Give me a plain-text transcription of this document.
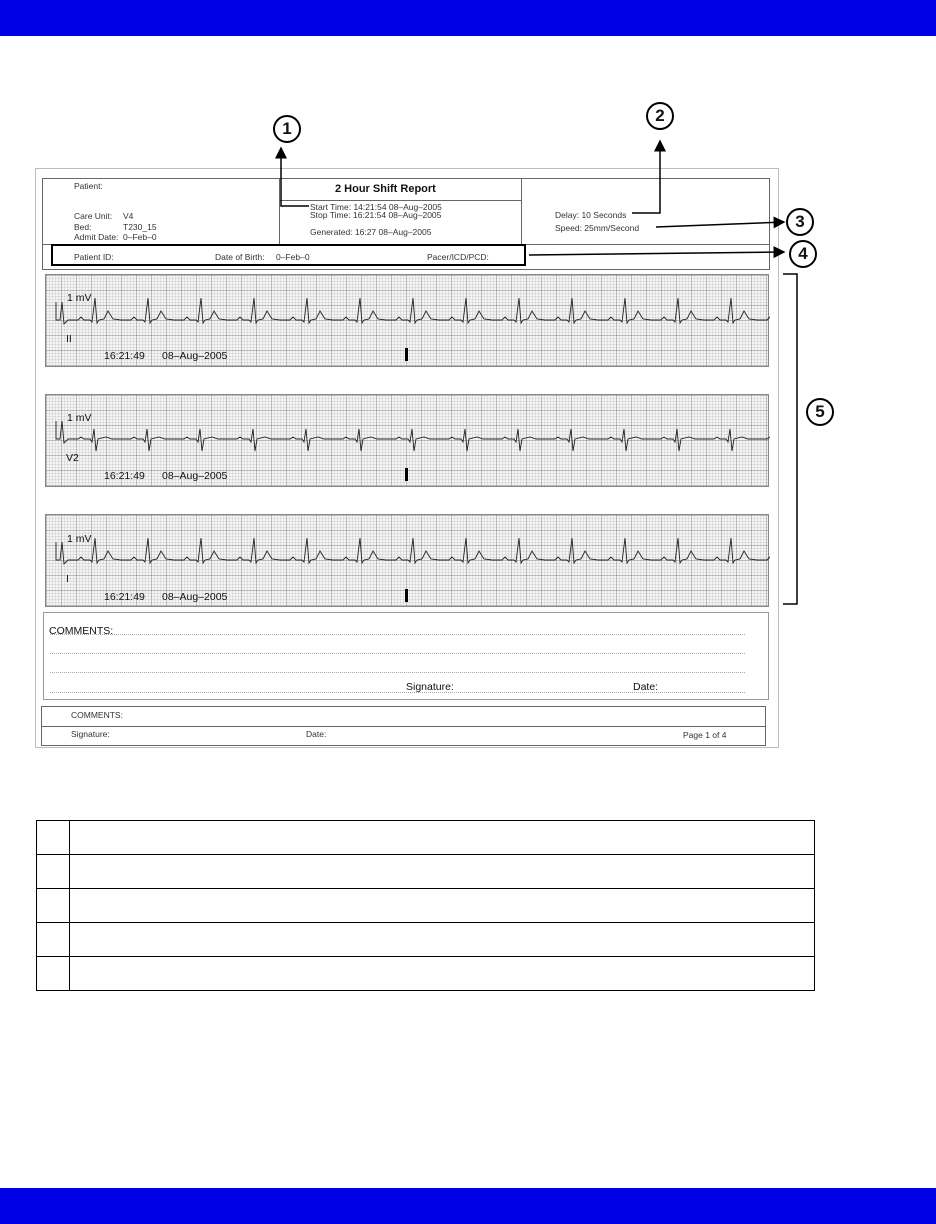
Patient:
Care Unit: V4
Bed:	T230_15
Admit Date: 0–Feb–0
2 Hour Shift Report
Start Time: 14:21:54 08–Aug–2005
Stop Time: 16:21:54 08–Aug–2005
Generated: 16:27 08–Aug–2005
Delay: 10 Seconds
Speed: 25mm/Second
Patient ID:	Date of Birth: 0–Feb–0	Pacer/ICD/PCD:
1 mV
II
16:21:49 08–Aug–2005
1 mV
V2
16:21:49 08–Aug–2005
1 mV
I
16:21:49 08–Aug–2005
COMMENTS:
Signature:	Date:
COMMENTS:
Signature:	Date:	Page 1 of 4
1
2
3
4
5
